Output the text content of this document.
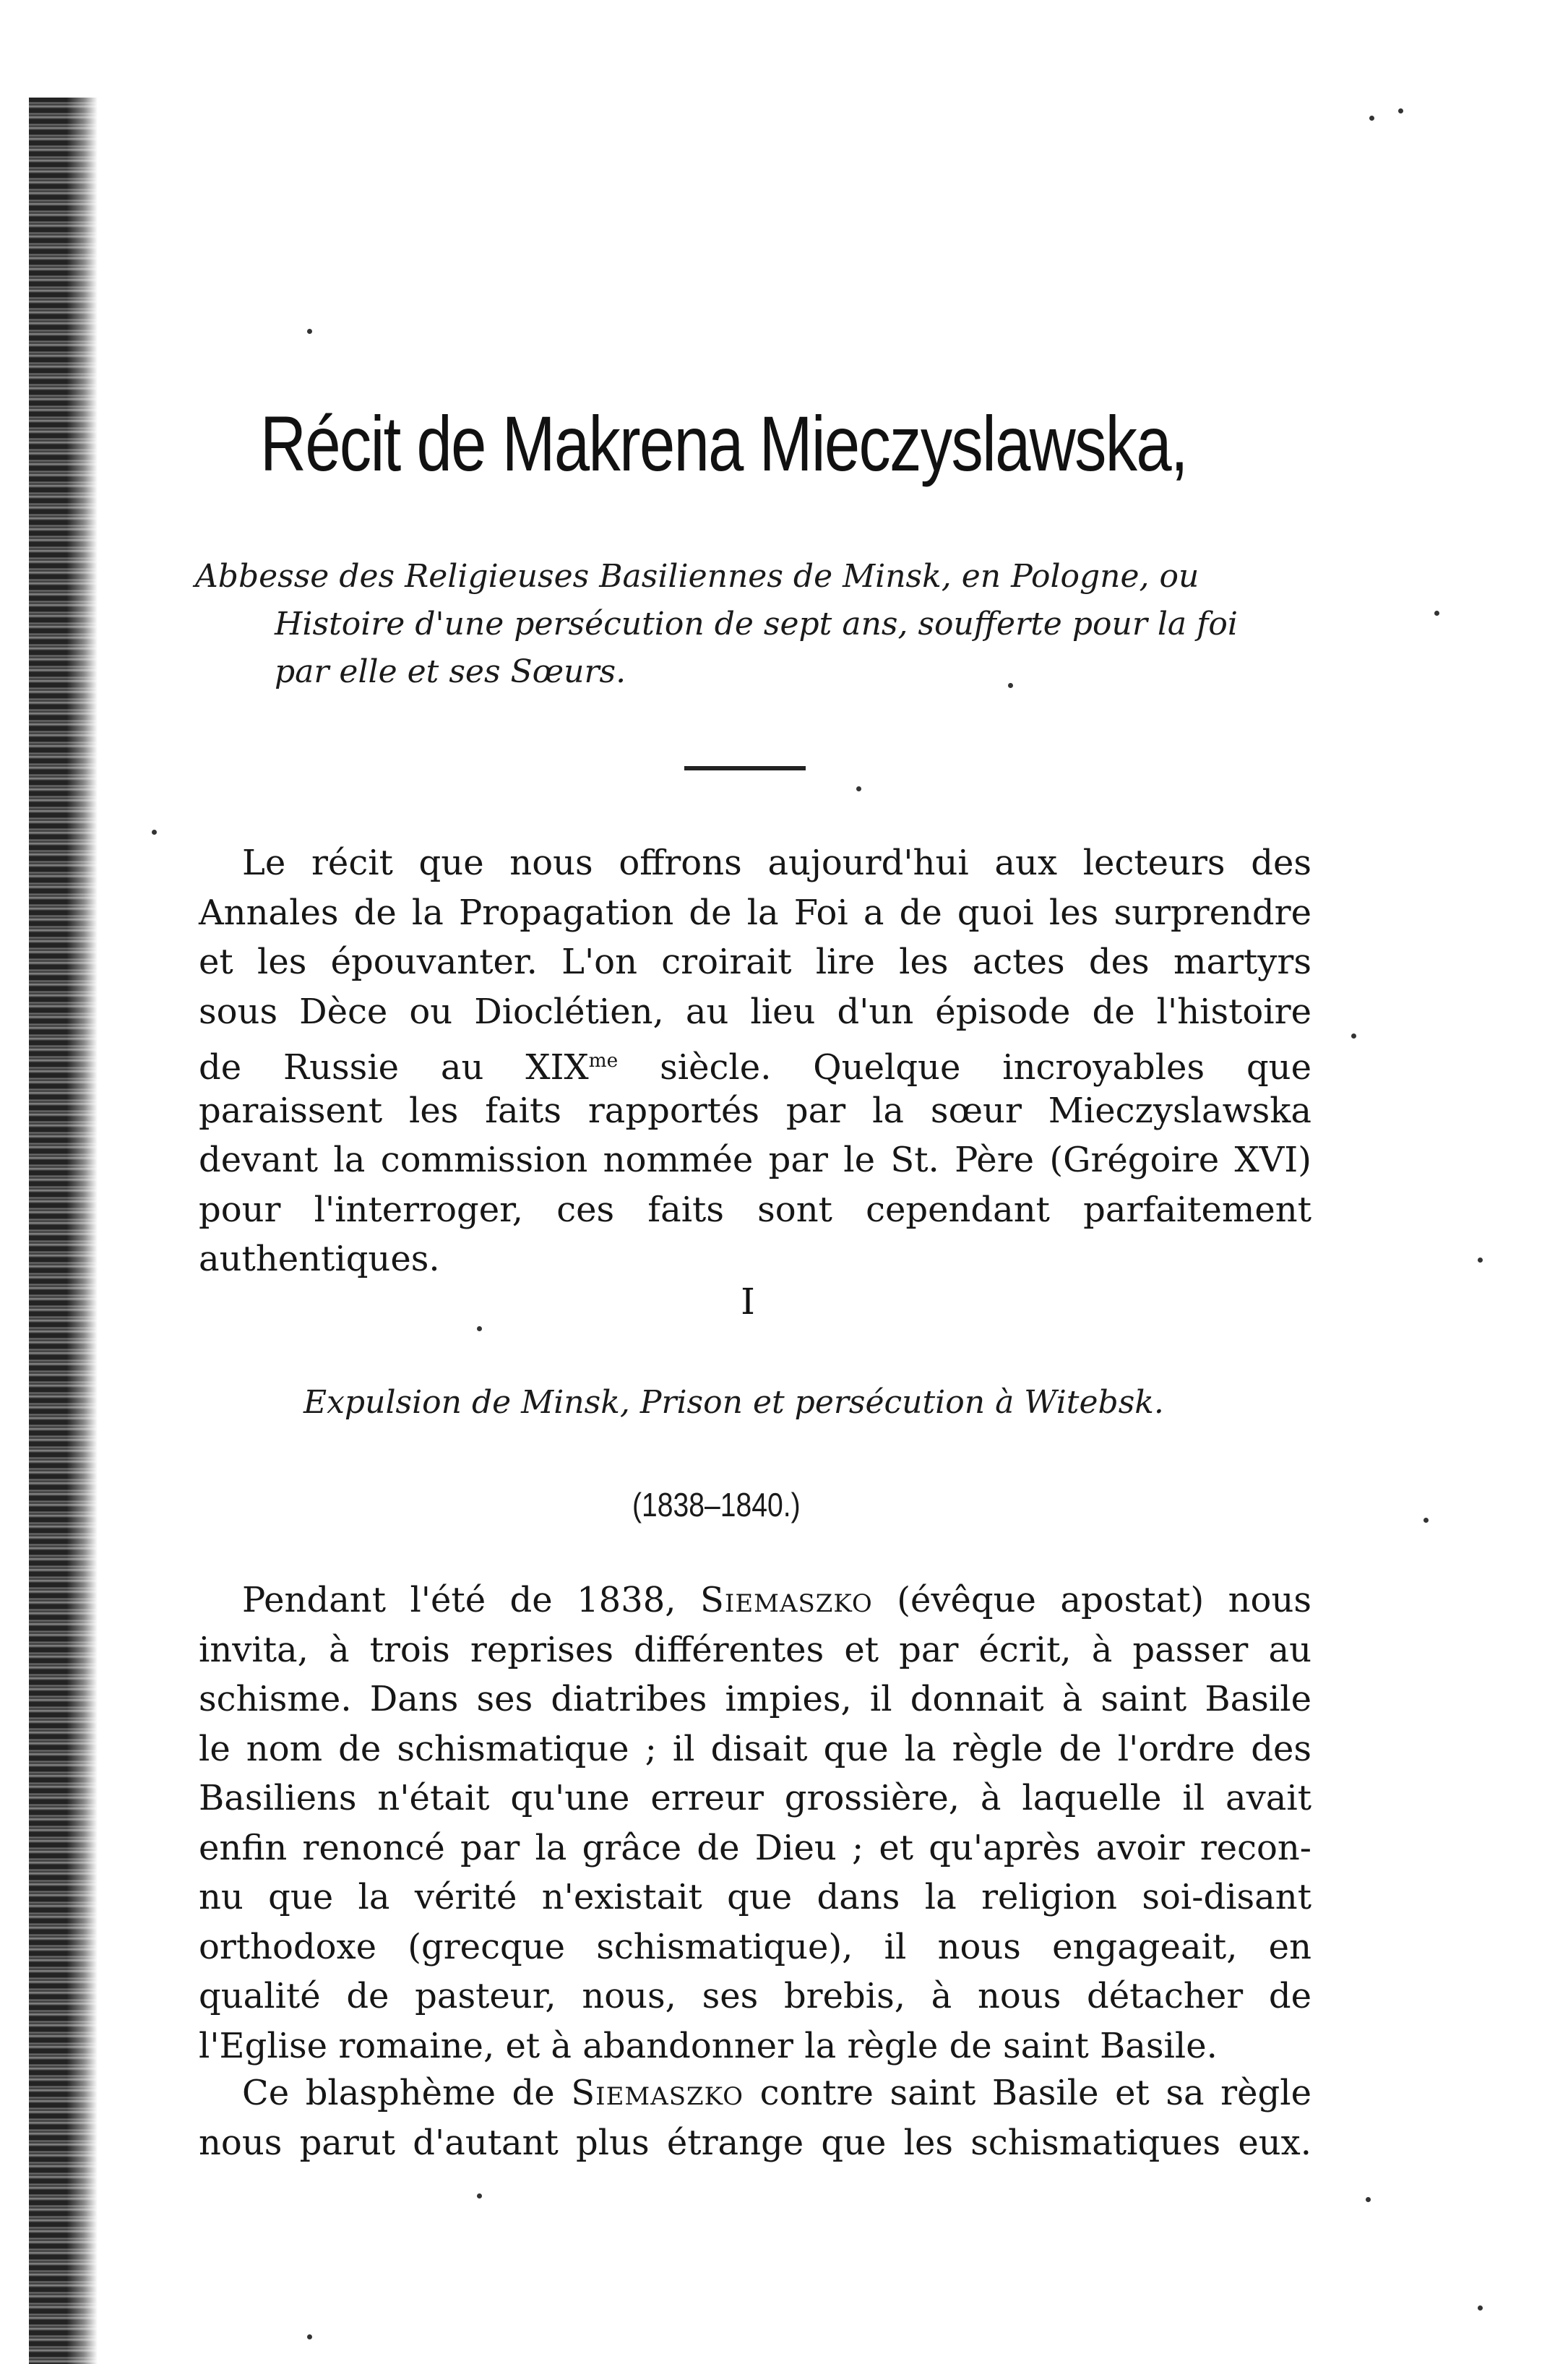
Récit de Makrena Mieczyslawska,
Abbesse des Religieuses Basiliennes de Minsk, en Pologne, ou
Histoire d'une persécution de sept ans, soufferte pour la foi
par elle et ses Sœurs.
Le récit que nous offrons aujourd'hui aux lecteurs des
Annales de la Propagation de la Foi a de quoi les surprendre
et les épouvanter. L'on croirait lire les actes des martyrs
sous Dèce ou Dioclétien, au lieu d'un épisode de l'histoire
de Russie au $XIX^{me}$ siècle. Quelque incroyables que
paraissent les faits rapportés par la sœur Mieczyslawska
devant la commission nommée par le St. Père (Grégoire XVI)
pour l'interroger, ces faits sont cependant parfaitement
authentiques.
I
Expulsion de Minsk, Prison et persécution à Witebsk.
(1838–1840.)
Pendant l'été de 1838, Siemaszko (évêque apostat) nous
invita, à trois reprises différentes et par écrit, à passer au
schisme. Dans ses diatribes impies, il donnait à saint Basile
le nom de schismatique ; il disait que la règle de l'ordre des
Basiliens n'était qu'une erreur grossière, à laquelle il avait
enfin renoncé par la grâce de Dieu ; et qu'après avoir recon-
nu que la vérité n'existait que dans la religion soi-disant
orthodoxe (grecque schismatique), il nous engageait, en
qualité de pasteur, nous, ses brebis, à nous détacher de
l'Eglise romaine, et à abandonner la règle de saint Basile.
Ce blasphème de Siemaszko contre saint Basile et sa règle
nous parut d'autant plus étrange que les schismatiques eux.
